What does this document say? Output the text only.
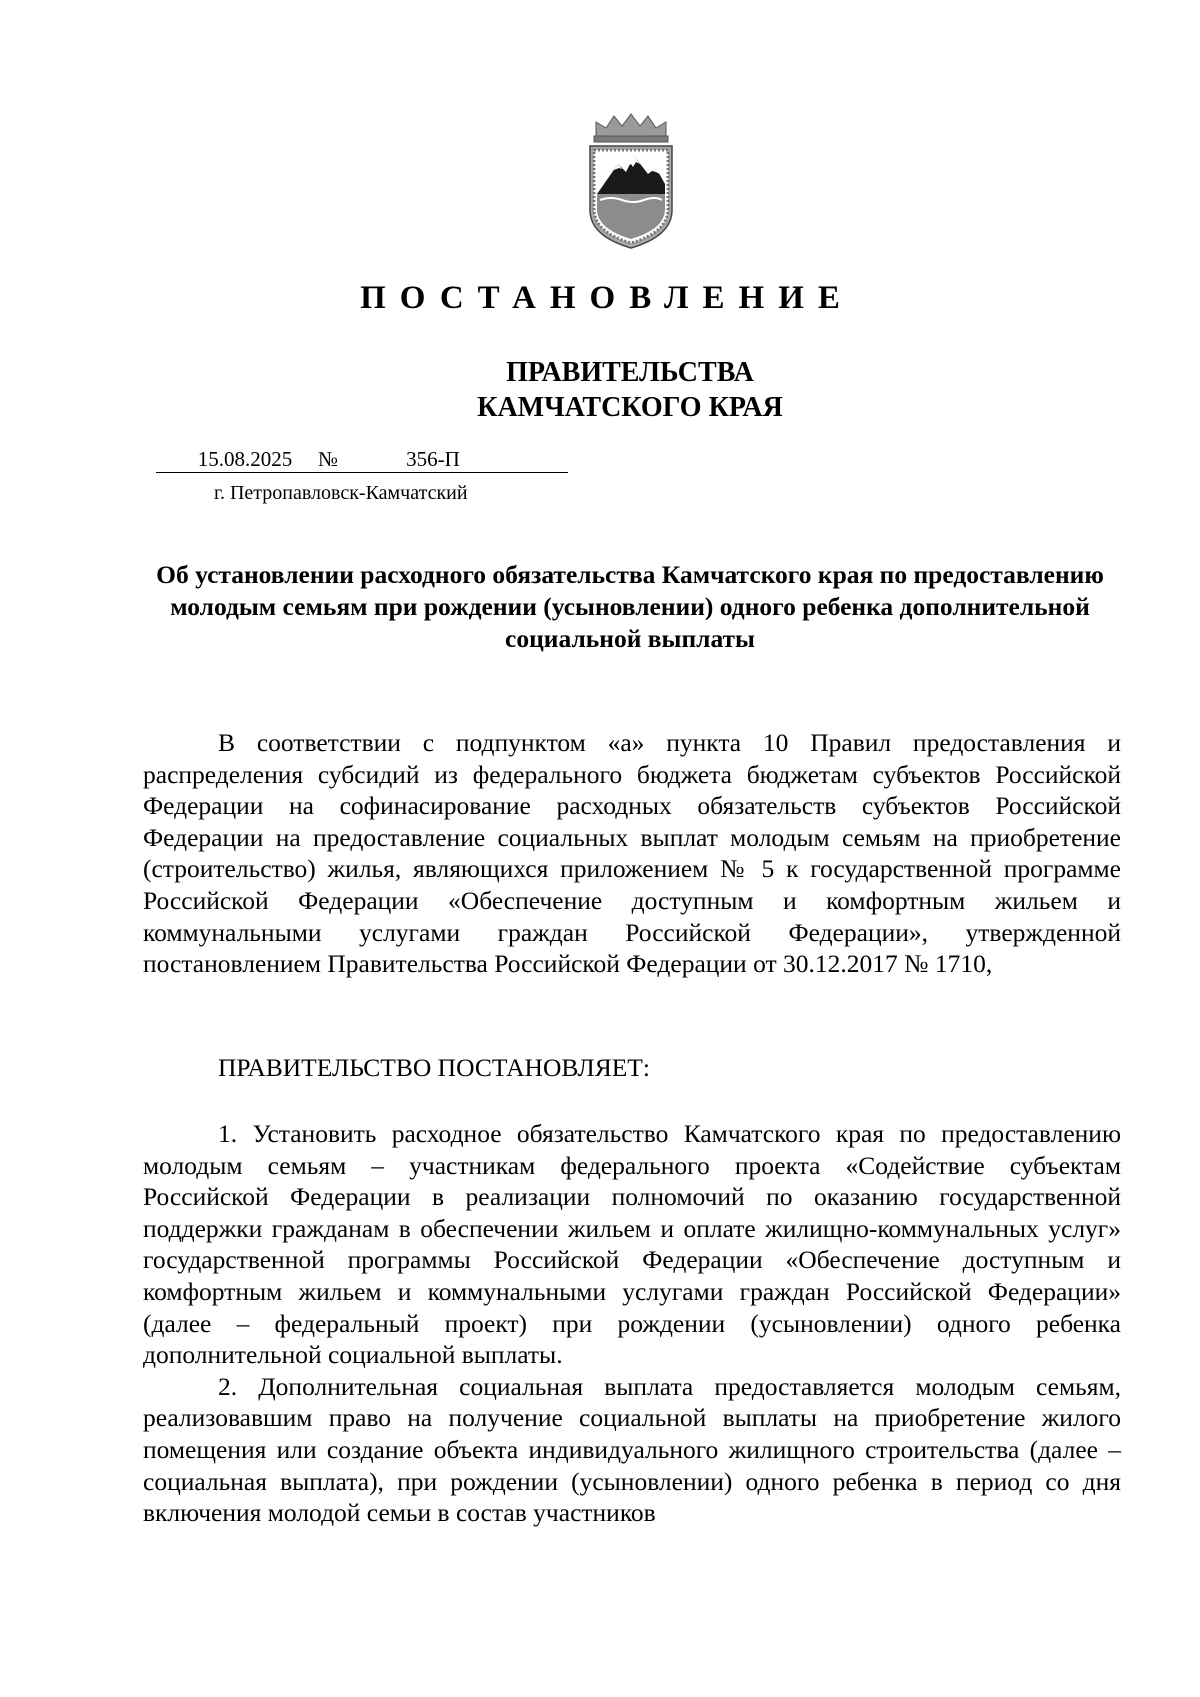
ПОСТАНОВЛЕНИЕ
ПРАВИТЕЛЬСТВА
КАМЧАТСКОГО КРАЯ
15.08.2025 №	356-П
г. Петропавловск-Камчатский
Об установлении расходного обязательства Камчатского края по предоставлению молодым семьям при рождении (усыновлении) одного ребенка дополнительной социальной выплаты

В соответствии с подпунктом «а» пункта 10 Правил предоставления и распределения субсидий из федерального бюджета бюджетам субъектов Российской Федерации на софинасирование расходных обязательств субъектов Российской Федерации на предоставление социальных выплат молодым семьям на приобретение (строительство) жилья, являющихся приложением № 5 к государственной программе Российской Федерации «Обеспечение доступным и комфортным жильем и коммунальными услугами граждан Российской Федерации», утвержденной постановлением Правительства Российской Федерации от 30.12.2017 № 1710,

ПРАВИТЕЛЬСТВО ПОСТАНОВЛЯЕТ:

1. Установить расходное обязательство Камчатского края по предоставлению молодым семьям – участникам федерального проекта «Содействие субъектам Российской Федерации в реализации полномочий по оказанию государственной поддержки гражданам в обеспечении жильем и оплате жилищно-коммунальных услуг» государственной программы Российской Федерации «Обеспечение доступным и комфортным жильем и коммунальными услугами граждан Российской Федерации» (далее – федеральный проект) при рождении (усыновлении) одного ребенка дополнительной социальной выплаты.

2. Дополнительная социальная выплата предоставляется молодым семьям, реализовавшим право на получение социальной выплаты на приобретение жилого помещения или создание объекта индивидуального жилищного строительства (далее – социальная выплата), при рождении (усыновлении) одного ребенка в период со дня включения молодой семьи в состав участников
